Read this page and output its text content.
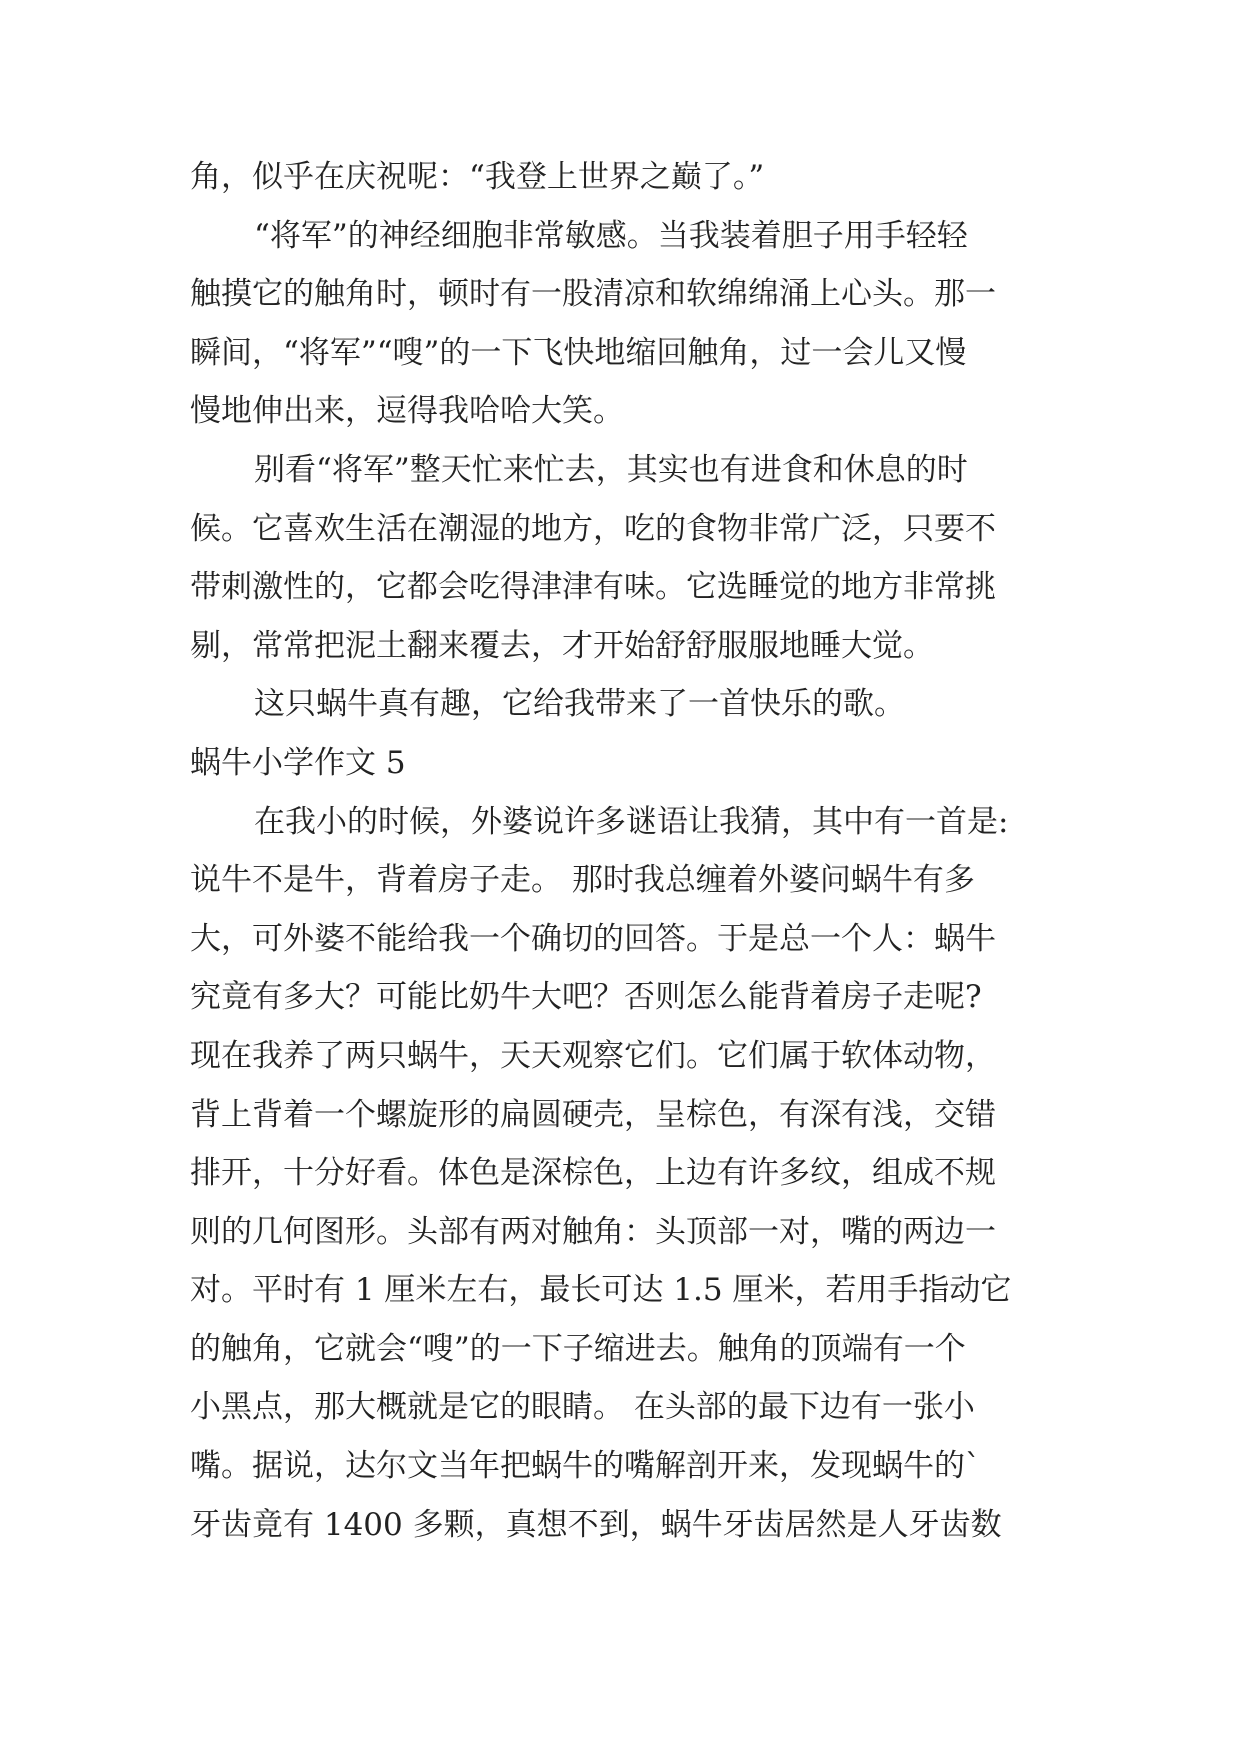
角，似乎在庆祝呢：“我登上世界之巅了。”

“将军”的神经细胞非常敏感。当我装着胆子用手轻轻

触摸它的触角时，顿时有一股清凉和软绵绵涌上心头。那一

瞬间，“将军”“嗖”的一下飞快地缩回触角，过一会儿又慢

慢地伸出来，逗得我哈哈大笑。

别看“将军”整天忙来忙去，其实也有进食和休息的时

候。它喜欢生活在潮湿的地方，吃的食物非常广泛，只要不

带刺激性的，它都会吃得津津有味。它选睡觉的地方非常挑

剔，常常把泥土翻来覆去，才开始舒舒服服地睡大觉。

这只蜗牛真有趣，它给我带来了一首快乐的歌。

蜗牛小学作文 5

在我小的时候，外婆说许多谜语让我猜，其中有一首是:

说牛不是牛，背着房子走。 那时我总缠着外婆问蜗牛有多

大，可外婆不能给我一个确切的回答。于是总一个人：蜗牛

究竟有多大？可能比奶牛大吧？否则怎么能背着房子走呢?

现在我养了两只蜗牛，天天观察它们。它们属于软体动物，

背上背着一个螺旋形的扁圆硬壳，呈棕色，有深有浅，交错

排开，十分好看。体色是深棕色，上边有许多纹，组成不规

则的几何图形。头部有两对触角：头顶部一对，嘴的两边一

对。平时有 1 厘米左右，最长可达 1.5 厘米，若用手指动它

的触角，它就会“嗖”的一下子缩进去。触角的顶端有一个

小黑点，那大概就是它的眼睛。 在头部的最下边有一张小

嘴。据说，达尔文当年把蜗牛的嘴解剖开来，发现蜗牛的`

牙齿竟有 1400 多颗，真想不到，蜗牛牙齿居然是人牙齿数
